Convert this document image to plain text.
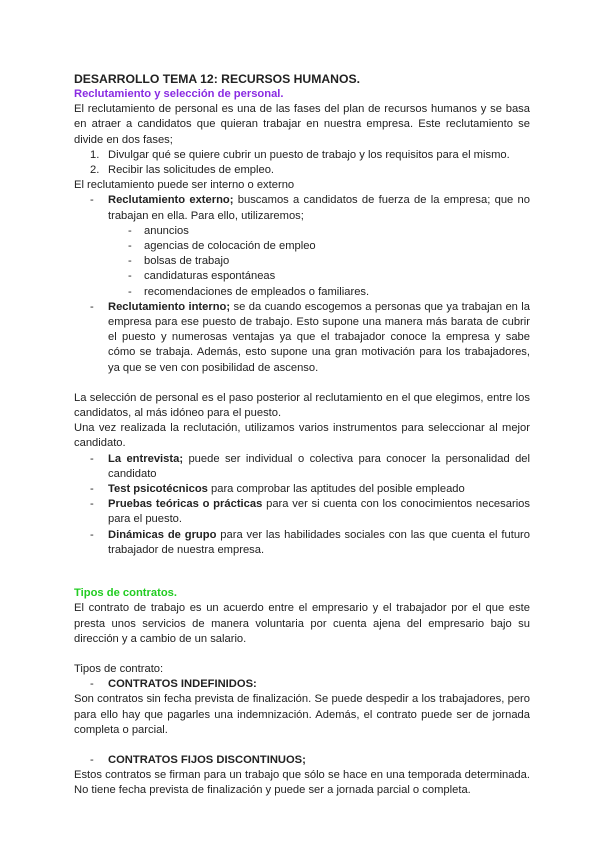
DESARROLLO TEMA 12: RECURSOS HUMANOS.

Reclutamiento y selección de personal.

El reclutamiento de personal es una de las fases del plan de recursos humanos y se basa en atraer a candidatos que quieran trabajar en nuestra empresa. Este reclutamiento se divide en dos fases;

1. Divulgar qué se quiere cubrir un puesto de trabajo y los requisitos para el mismo.
2. Recibir las solicitudes de empleo.

El reclutamiento puede ser interno o externo

- Reclutamiento externo; buscamos a candidatos de fuerza de la empresa; que no trabajan en ella. Para ello, utilizaremos;
- anuncios
- agencias de colocación de empleo
- bolsas de trabajo
- candidaturas espontáneas
- recomendaciones de empleados o familiares.
- Reclutamiento interno; se da cuando escogemos a personas que ya trabajan en la empresa para ese puesto de trabajo. Esto supone una manera más barata de cubrir el puesto y numerosas ventajas ya que el trabajador conoce la empresa y sabe cómo se trabaja. Además, esto supone una gran motivación para los trabajadores, ya que se ven con posibilidad de ascenso.

La selección de personal es el paso posterior al reclutamiento en el que elegimos, entre los candidatos, al más idóneo para el puesto.

Una vez realizada la reclutación, utilizamos varios instrumentos para seleccionar al mejor candidato.

- La entrevista; puede ser individual o colectiva para conocer la personalidad del candidato
- Test psicotécnicos para comprobar las aptitudes del posible empleado
- Pruebas teóricas o prácticas para ver si cuenta con los conocimientos necesarios para el puesto.
- Dinámicas de grupo para ver las habilidades sociales con las que cuenta el futuro trabajador de nuestra empresa.

Tipos de contratos.

El contrato de trabajo es un acuerdo entre el empresario y el trabajador por el que este presta unos servicios de manera voluntaria por cuenta ajena del empresario bajo su dirección y a cambio de un salario.

Tipos de contrato:

- CONTRATOS INDEFINIDOS:

Son contratos sin fecha prevista de finalización. Se puede despedir a los trabajadores, pero para ello hay que pagarles una indemnización. Además, el contrato puede ser de jornada completa o parcial.

- CONTRATOS FIJOS DISCONTINUOS;

Estos contratos se firman para un trabajo que sólo se hace en una temporada determinada. No tiene fecha prevista de finalización y puede ser a jornada parcial o completa.
